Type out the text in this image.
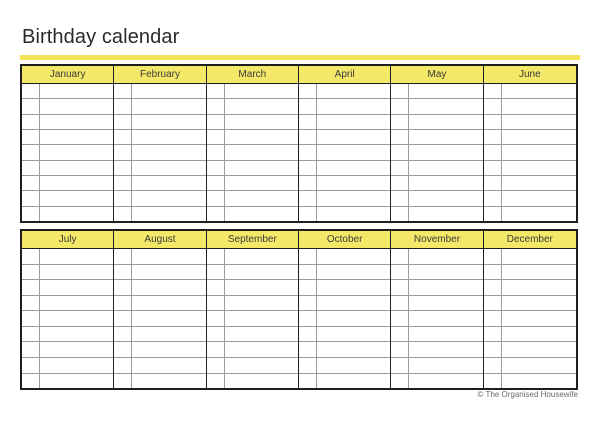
Birthday calendar
January	February	March	April	May	June
July	August	September	October	November	December
© The Organised Housewife
